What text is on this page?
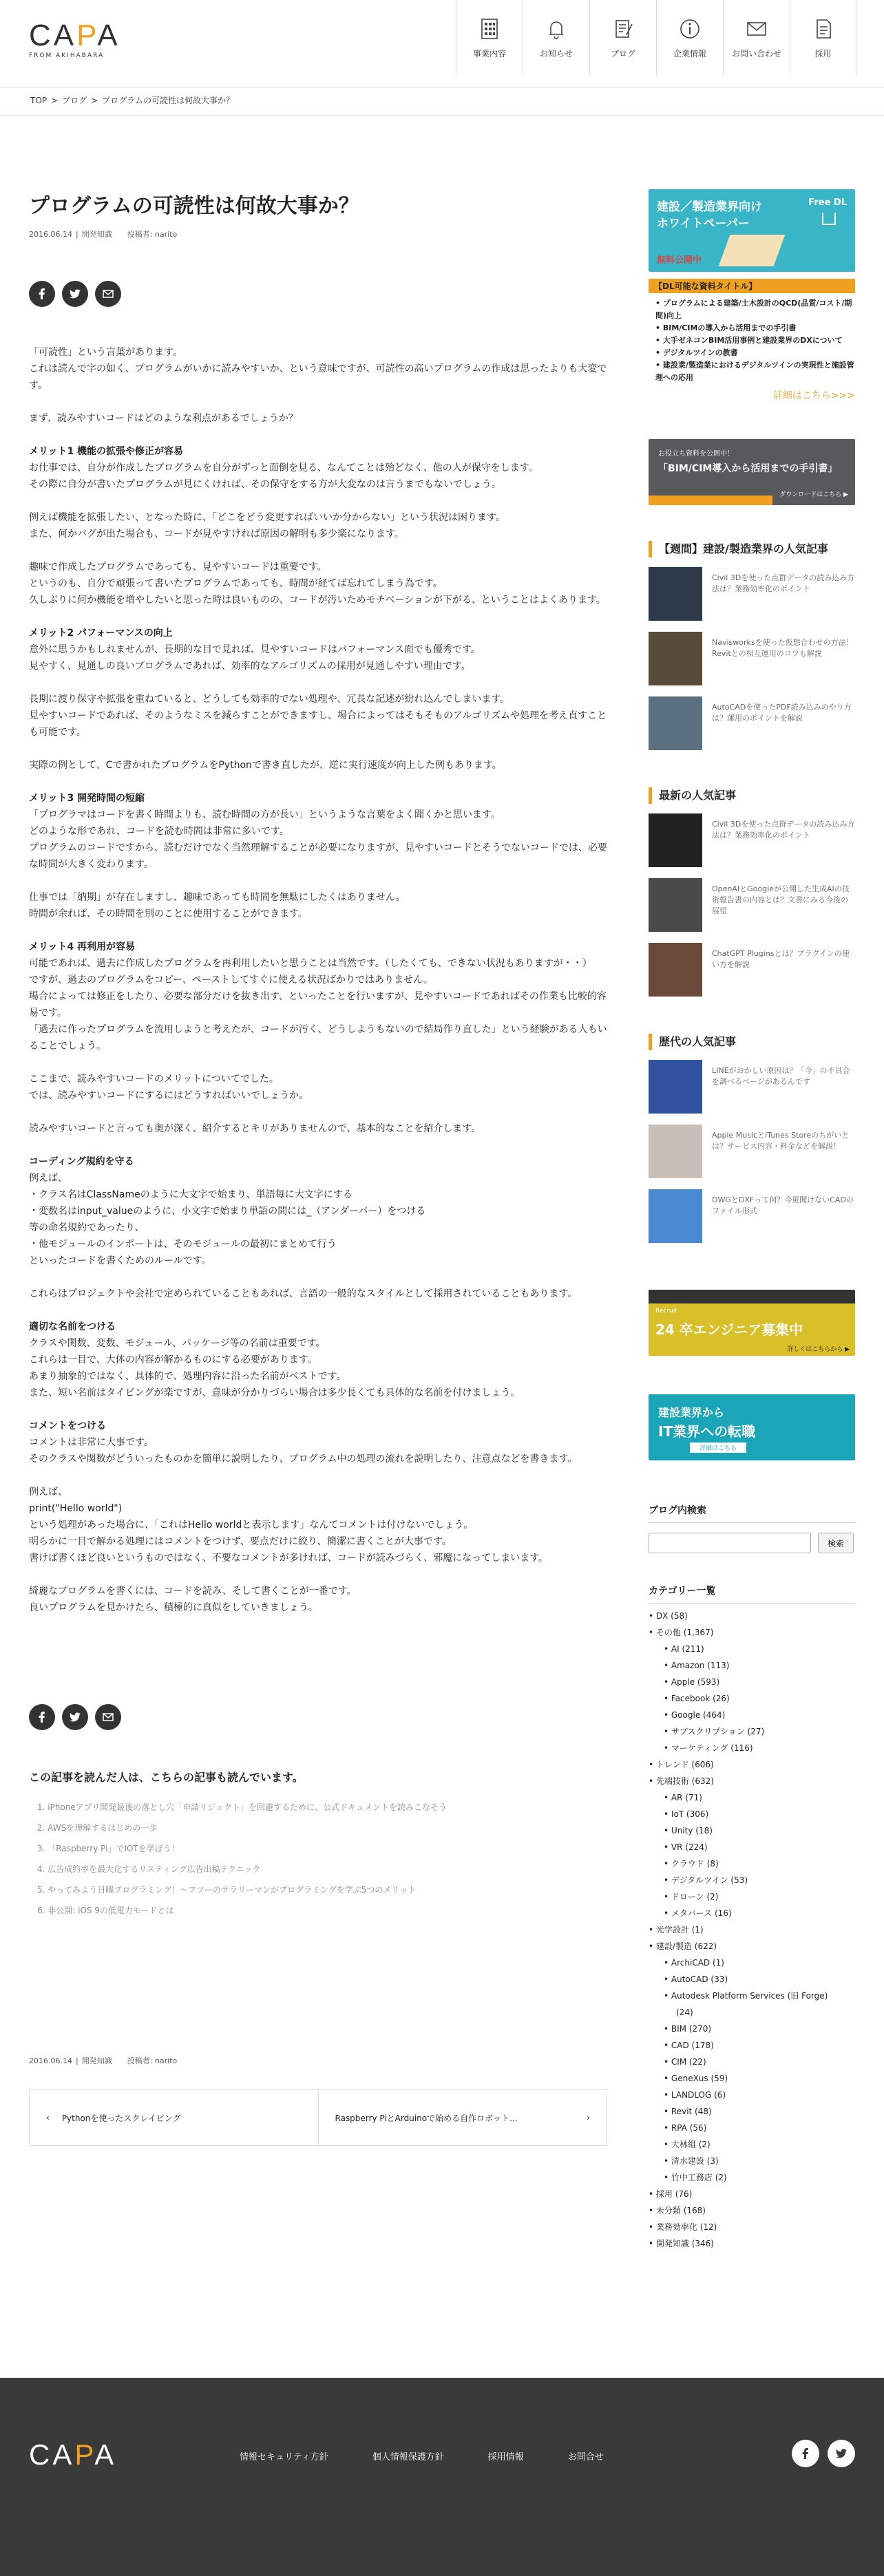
CAPA
FROM AKIHABARA	事業内容	お知らせ	ブログ	企業情報	お問い合わせ	採用
TOP > ブログ > プログラムの可読性は何故大事か？
プログラムの可読性は何故大事か？
2016.06.14 | 開発知識 投稿者: narito

「可読性」という言葉があります。
これは読んで字の如く、プログラムがいかに読みやすいか、という意味ですが、可読性の高いプログラムの作成は思ったよりも大変です。

まず、読みやすいコードはどのような利点があるでしょうか？

メリット1 機能の拡張や修正が容易

お仕事では、自分が作成したプログラムを自分がずっと面倒を見る、なんてことは殆どなく、他の人が保守をします。
その際に自分が書いたプログラムが見にくければ、その保守をする方が大変なのは言うまでもないでしょう。

例えば機能を拡張したい、となった時に、「どこをどう変更すればいいか分からない」という状況は困ります。
また、何かバグが出た場合も、コードが見やすければ原因の解明も多少楽になります。

趣味で作成したプログラムであっても、見やすいコードは重要です。
というのも、自分で頑張って書いたプログラムであっても、時間が経てば忘れてしまう為です。
久しぶりに何か機能を増やしたいと思った時は良いものの、コードが汚いためモチベーションが下がる、ということはよくあります。

メリット2 パフォーマンスの向上

意外に思うかもしれませんが、長期的な目で見れば、見やすいコードはパフォーマンス面でも優秀です。
見やすく、見通しの良いプログラムであれば、効率的なアルゴリズムの採用が見通しやすい理由です。

長期に渡り保守や拡張を重ねていると、どうしても効率的でない処理や、冗長な記述が紛れ込んでしまいます。
見やすいコードであれば、そのようなミスを減らすことができますし、場合によってはそもそものアルゴリズムや処理を考え直すことも可能です。

実際の例として、Cで書かれたプログラムをPythonで書き直したが、逆に実行速度が向上した例もあります。

メリット3 開発時間の短縮

「プログラマはコードを書く時間よりも、読む時間の方が長い」というような言葉をよく聞くかと思います。
どのような形であれ、コードを読む時間は非常に多いです。
プログラムのコードですから、読むだけでなく当然理解することが必要になりますが、見やすいコードとそうでないコードでは、必要な時間が大きく変わります。

仕事では「納期」が存在しますし、趣味であっても時間を無駄にしたくはありません。
時間が余れば、その時間を別のことに使用することができます。

メリット4 再利用が容易

可能であれば、過去に作成したプログラムを再利用したいと思うことは当然です。（したくても、できない状況もありますが・・）
ですが、過去のプログラムをコピー、ペーストしてすぐに使える状況ばかりではありません。
場合によっては修正をしたり、必要な部分だけを抜き出す、といったことを行いますが、見やすいコードであればその作業も比較的容易です。
「過去に作ったプログラムを流用しようと考えたが、コードが汚く、どうしようもないので結局作り直した」という経験がある人もいることでしょう。

ここまで、読みやすいコードのメリットについてでした。
では、読みやすいコードにするにはどうすればいいでしょうか。

読みやすいコードと言っても奥が深く、紹介するとキリがありませんので、基本的なことを紹介します。

コーディング規約を守る

例えば、
・クラス名はClassNameのように大文字で始まり、単語毎に大文字にする
・変数名はinput_valueのように、小文字で始まり単語の間には_（アンダーバー）をつける
等の命名規約であったり、
・他モジュールのインポートは、そのモジュールの最初にまとめて行う
といったコードを書くためのルールです。

これらはプロジェクトや会社で定められていることもあれば、言語の一般的なスタイルとして採用されていることもあります。

適切な名前をつける

クラスや関数、変数、モジュール、パッケージ等の名前は重要です。
これらは一目で、大体の内容が解かるものにする必要があります。
あまり抽象的ではなく、具体的で、処理内容に沿った名前がベストです。
また、短い名前はタイピングが楽ですが、意味が分かりづらい場合は多少長くても具体的な名前を付けましょう。

コメントをつける

コメントは非常に大事です。
そのクラスや関数がどういったものかを簡単に説明したり、プログラム中の処理の流れを説明したり、注意点などを書きます。

例えば、
print("Hello world")
という処理があった場合に、「これはHello worldと表示します」なんてコメントは付けないでしょう。
明らかに一目で解かる処理にはコメントをつけず、要点だけに絞り、簡潔に書くことが大事です。
書けば書くほど良いというものではなく、不要なコメントが多ければ、コードが読みづらく、邪魔になってしまいます。

綺麗なプログラムを書くには、コードを読み、そして書くことが一番です。
良いプログラムを見かけたら、積極的に真似をしていきましょう。

この記事を読んだ人は、こちらの記事も読んでいます。
1. iPhoneアプリ開発最後の落とし穴「申請リジェクト」を回避するために、公式ドキュメントを読みこなそう
2. AWSを理解するはじめの一歩
3. 「Raspberry Pi」でIOTを学ぼう！
4. 広告成約率を最大化するリスティング広告出稿テクニック
5. やってみよう日曜プログラミング！〜フツーのサラリーマンがプログラミングを学ぶ5つのメリット
6. 非公開: iOS 9の低電力モードとは
2016.06.14 | 開発知識 投稿者: narito
‹ Pythonを使ったスクレイピング	Raspberry PiとArduinoで始める自作ロボット...	›
建設／製造業界向け
ホワイトペーパー
Free DL
無料公開中
【DL可能な資料タイトル】
• プログラムによる建築/土木設計のQCD(品質/コスト/期間)向上
• BIM/CIMの導入から活用までの手引書
• 大手ゼネコンBIM活用事例と建設業界のDXについて
• デジタルツインの教書
• 建設業/製造業におけるデジタルツインの実現性と施設管理への応用
詳細はこちら>>>
お役立ち資料を公開中！
「BIM/CIM導入から活用までの手引書」
ダウンロードはこちら ▶
【週間】建設/製造業界の人気記事

Civil 3Dを使った点群データの読み込み方法は？業務効率化のポイント

Navisworksを使った仮想合わせの方法！Revitとの相互運用のコツも解説

AutoCADを使ったPDF読み込みのやり方は？運用のポイントを解説

最新の人気記事

Civil 3Dを使った点群データの読み込み方法は？業務効率化のポイント

OpenAIとGoogleが公開した生成AIの技術報告書の内容とは？文書にみる今後の展望

ChatGPT Pluginsとは？プラグインの使い方を解説

歴代の人気記事

LINEがおかしい原因は？「今」の不具合を調べるページがあるんです

Apple MusicとiTunes Storeのちがいとは？サービス内容・料金などを解説！

DWGとDXFって何？今更聞けないCADのファイル形式

Recruit
24 卒エンジニア募集中
詳しくはこちらから ▶
建設業界から
IT業界への転職
詳細はこちら
ブログ内検索
検索
カテゴリー一覧
• DX (58)
• その他 (1,367)
• AI (211)
• Amazon (113)
• Apple (593)
• Facebook (26)
• Google (464)
• サブスクリプション (27)
• マーケティング (116)
• トレンド (606)
• 先端技術 (632)
• AR (71)
• IoT (306)
• Unity (18)
• VR (224)
• クラウド (8)
• デジタルツイン (53)
• ドローン (2)
• メタバース (16)
• 光学設計 (1)
• 建設/製造 (622)
• ArchiCAD (1)
• AutoCAD (33)
• Autodesk Platform Services (旧 Forge)
(24)
• BIM (270)
• CAD (178)
• CIM (22)
• GeneXus (59)
• LANDLOG (6)
• Revit (48)
• RPA (56)
• 大林組 (2)
• 清水建設 (3)
• 竹中工務店 (2)
• 採用 (76)
• 未分類 (168)
• 業務効率化 (12)
• 開発知識 (346)
CAPA	情報セキュリティ方針	個人情報保護方針	採用情報	お問合せ
